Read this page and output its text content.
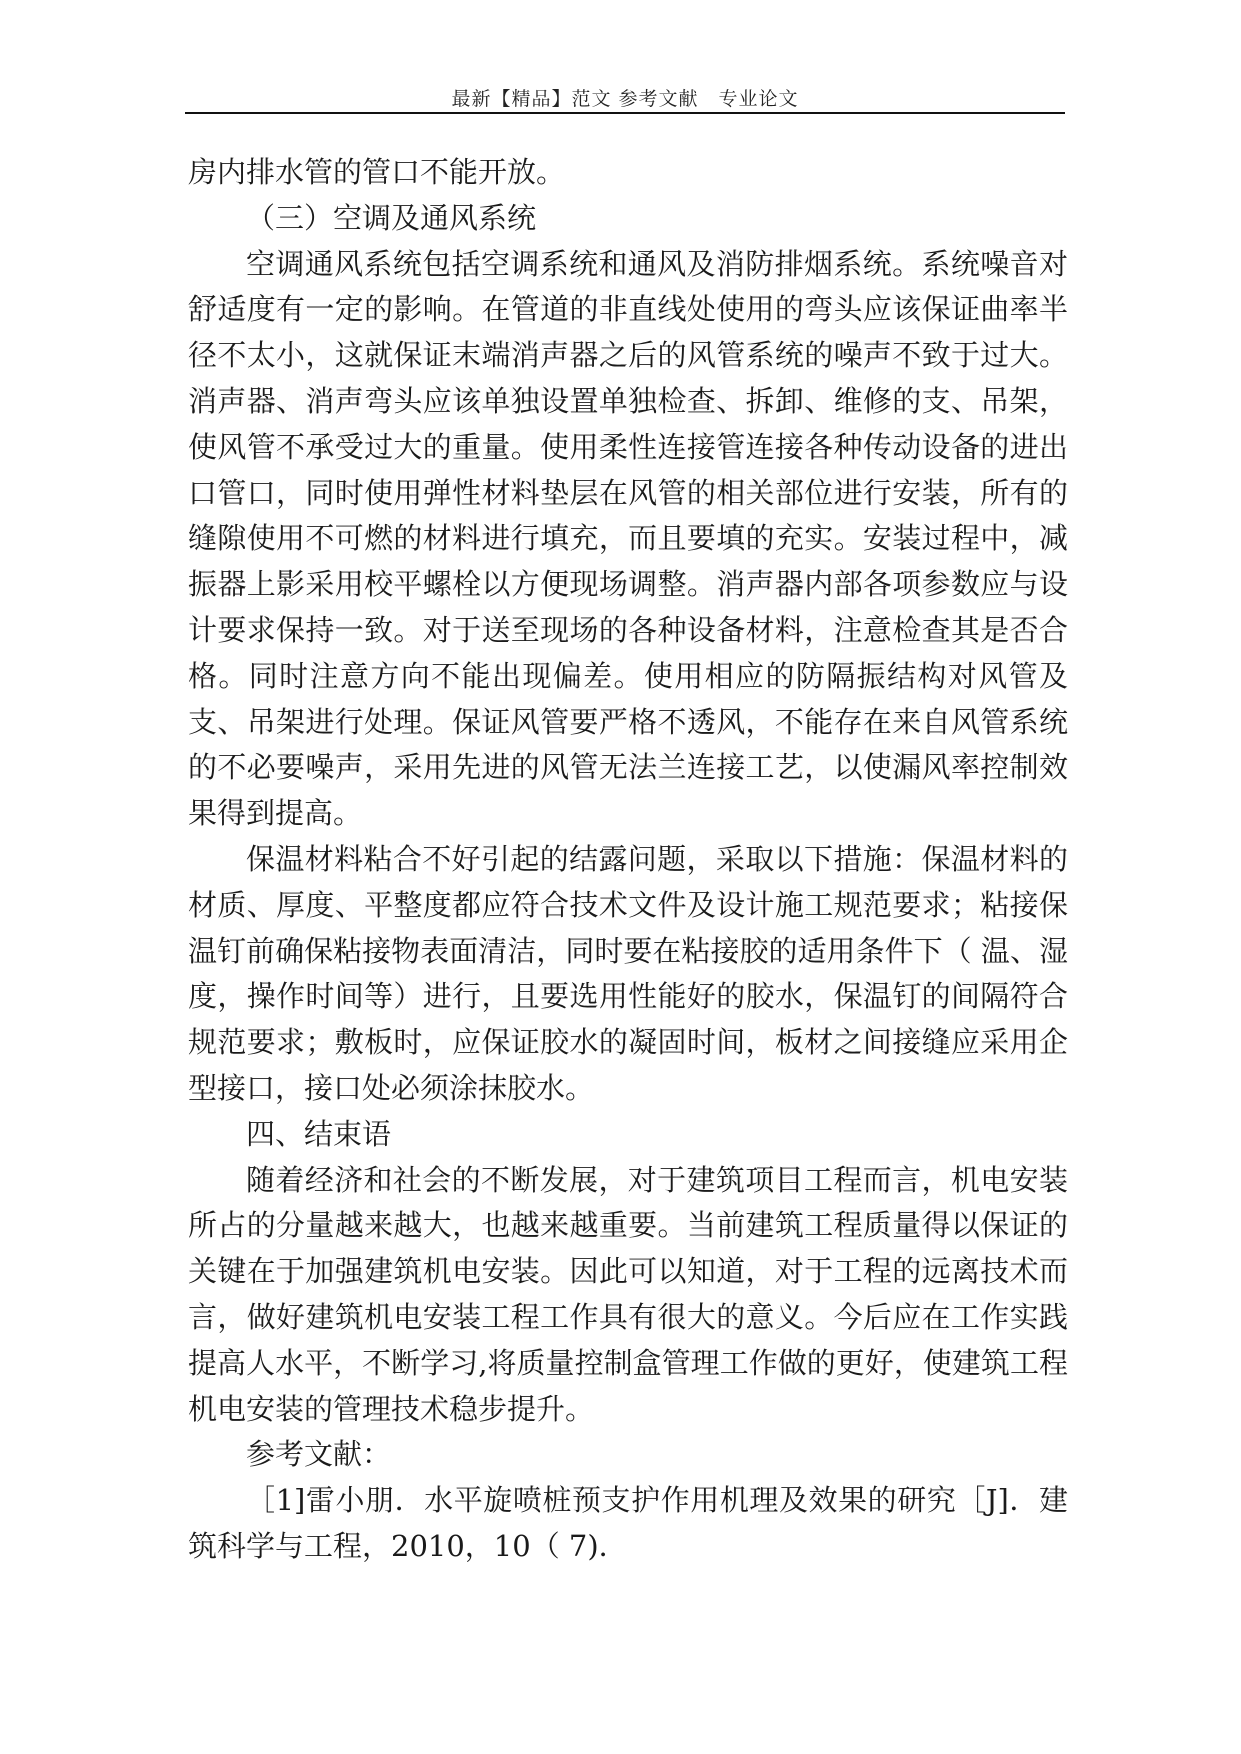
最新【精品】范文 参考文献　专业论文

房内排水管的管口不能开放。

（三）空调及通风系统

空调通风系统包括空调系统和通风及消防排烟系统。系统噪音对舒适度有一定的影响。在管道的非直线处使用的弯头应该保证曲率半径不太小，这就保证末端消声器之后的风管系统的噪声不致于过大。消声器、消声弯头应该单独设置单独检查、拆卸、维修的支、吊架，使风管不承受过大的重量。使用柔性连接管连接各种传动设备的进出口管口，同时使用弹性材料垫层在风管的相关部位进行安装，所有的缝隙使用不可燃的材料进行填充，而且要填的充实。安装过程中，减振器上影采用校平螺栓以方便现场调整。消声器内部各项参数应与设计要求保持一致。对于送至现场的各种设备材料，注意检查其是否合格。同时注意方向不能出现偏差。使用相应的防隔振结构对风管及支、吊架进行处理。保证风管要严格不透风，不能存在来自风管系统的不必要噪声，采用先进的风管无法兰连接工艺，以使漏风率控制效果得到提高。

保温材料粘合不好引起的结露问题，采取以下措施：保温材料的材质、厚度、平整度都应符合技术文件及设计施工规范要求；粘接保温钉前确保粘接物表面清洁，同时要在粘接胶的适用条件下（ 温、湿度，操作时间等）进行，且要选用性能好的胶水，保温钉的间隔符合规范要求；敷板时，应保证胶水的凝固时间，板材之间接缝应采用企型接口，接口处必须涂抹胶水。

四、结束语

随着经济和社会的不断发展，对于建筑项目工程而言，机电安装所占的分量越来越大，也越来越重要。当前建筑工程质量得以保证的关键在于加强建筑机电安装。因此可以知道，对于工程的远离技术而言，做好建筑机电安装工程工作具有很大的意义。今后应在工作实践提高人水平，不断学习,将质量控制盒管理工作做的更好，使建筑工程机电安装的管理技术稳步提升。

参考文献：

［1]雷小朋．水平旋喷桩预支护作用机理及效果的研究［J]．建筑科学与工程，2010，10（ 7)．
